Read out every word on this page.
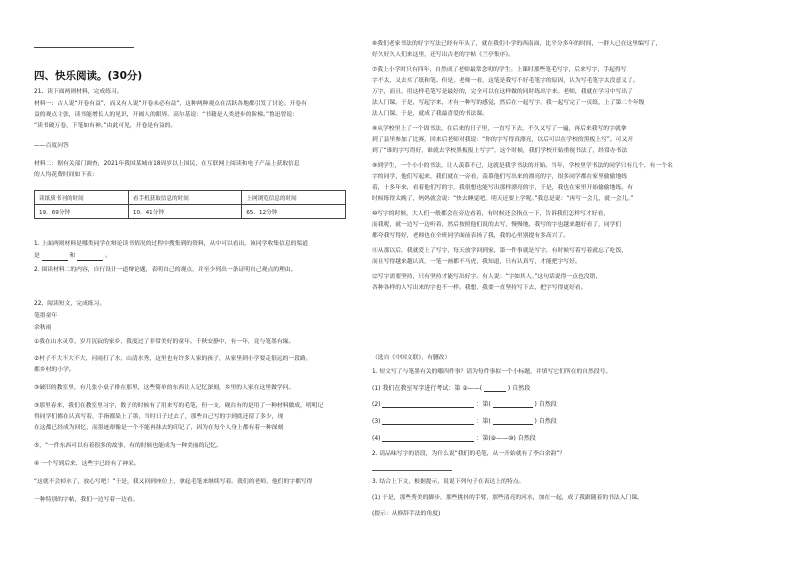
四、快乐阅读。(30分)
21、读下面两则材料，完成练习。
材料一：古人说“开卷有益”，而又有人说“开卷未必有益”，这种两种观点在活跃各地都引发了讨论。开卷有
益的观点主张，读书能增长人的见识，开阔人的眼界。高尔基说：“书籍是人类进步的阶梯。”鲁迅曾说：
“读书破万卷，下笔如有神。”由此可见，开卷是有益的。
——百度问答
材料二：据有关部门调查，2021年我国某城市18周岁以上国民，在互联网上阅读和电子产品上获取信息
的人均花费时间如下表：
读纸质书刊的时间	看手机获取信息的时间	上网浏览信息的时间
19．69分钟	10．41分钟	65．12分钟
1. 上面两则材料是哪类同学在辩论读书情况的过程中搜集到的资料，从中可以看出，该同学收集信息的渠道
是	和	。
2. 围读材料二的内容，自行设计一道辩论题，表明自己的观点，并至少列出一条证明自己观点的理由。
22、阅读短文，完成练习。
笔墨童年
余秋雨
①我在山水灵草、岁月沉寂的家乡，我度过了非常美好的童年。千秋安静中，有一年，竟与笔墨有缘。
②村子不大不大不大，河雨打了水，山清水秀，这里也有许多人家的孩子，从家里到小学要走很远的一段路，
都乡村的小学。
③破旧的教室里，有几张小桌子排在那里，这些简单的东西让人记忆深刻，乡里的人家在这里做学问。
③那里春来，我们在教室里习字，数子的时候有了用来写的毛笔，但一支，砚台有的是用了一种材料做成，明明记
得同学们都在认真写着，手指都染上了墨，当时日子过去了，那些自己写的字到底还留了多少，现
在这都已经成为回忆，而墨迹却像是一个不能再抹去的印记了，因为在每个人身上都有着一种深刻
⑤，“一件东西可以有着很多的故事，有的时候也能成为一种美丽的记忆。
④ 一个写到后来，这些字已经有了神采。
“这就不会掉水了，放心写吧！”于是，我又回到座位上，拿起毛笔来继续写着。我们的老师，他们的字都写得
一种特别的字帖，我们一边写着一边看。
⑥我们老家书法的好字写法已经有年头了，就在我们小学的西南面，比平分多年的时间，一群人已在这里编写了，
好久好久人们来这里，还写出古老的字帖《兰亭集序》。
⑦我上小学时只有四年，自然成了老师最常念叨的学生。上课时那些笔毛写字，后来写字，手起得写
字不太，又去买了纸和笔。但是，老师一看，这笔是我写不好毛笔字的原因，认为写毛笔字太没意义了。
万字，而且，用这样毛笔写是最好的，完全可以在这样做的同时练出字来。老师，我就在学习中写出了
法人门课。于是，写起字来，才有一种写的感觉，然后在一起写字，我一起写完了一页纸，上了第二个年级
法人门课。于是，就成了我最喜爱的书法课。
⑧从学校里上了一个固书法，在后来的日子里，一直写下去，不久又写了一遍，再后来我写的字就拿
到了县里参加了比赛，回来后老师对我说：“你的字写得真漂亮，以后可以在学校的黑板上写”。可又开
到了“谁的字写得好，谁就去学校黑板报上写字”，这个时候，我们学校开始重视书法了，经常办书法
⑨到学生，一个小小的书法，让人羡慕不已，这就是我学书法的开始。当年，学校里学书法的同学只有几个，有一个名
字的同学，他们写起来，我们就在一旁看，羡慕他们写出来的漂亮的字，很多同学都在家里偷偷地练
着，十多年来，看着他们写的字，我很想也能写出那样漂亮的字，于是，我也在家里开始偷偷地练。有
时候练得太晚了，妈妈就会说：“快去睡觉吧，明天还要上学呢。”我总是说：“再写一会儿，就一会儿。”
⑩写字的时候，大人们一般都会在旁边看着，有时候还会指点一下，告诉我们怎样写才好看，
而我呢，就一边写一边听着，然后按照他们说的去写，慢慢地，我写的字也越来越好看了，同学们
都夸我写得好，老师也在全班同学面前表扬了我，我的心里别提有多高兴了。
⑪从那以后，我就爱上了写字，每天放学回到家，第一件事就是写字，有时候写着写着就忘了吃饭，
而且写得越来越认真，一笔一画都不马虎，我知道，只有认真写，才能把字写好。
⑫写字需要坚持，只有坚持才能写出好字。有人说：“字如其人。”这句话说得一点也没错，
各种各样的人写出来的字也不一样。我想，我要一直坚持写下去，把字写得更好看。
（选自《中国文联》，有删改）
1. 短文写了与笔墨有关的哪四件事？请为每件事拟一个小标题，并填写它们所在的自然段号。
(1) 我们在教室写字进行考试：第 ②——(	) 自然段
(2)	：第(	) 自然段
(3)	：第(	) 自然段
(4)	：第(⑨——⑩) 自然段
2. 请品味写字的语段，为什么说“我们的毛笔，从一开始就有了李白余韵”？
3. 结合上下文，根据提示，说说下列句子在表达上的特点。
(1) 于是，那些秀美的脚步，那些挑抖的手臂，那些清亮的河水，加在一起，成了我跟随着的书法入门课。
(提示：从修辞手法的角度)
